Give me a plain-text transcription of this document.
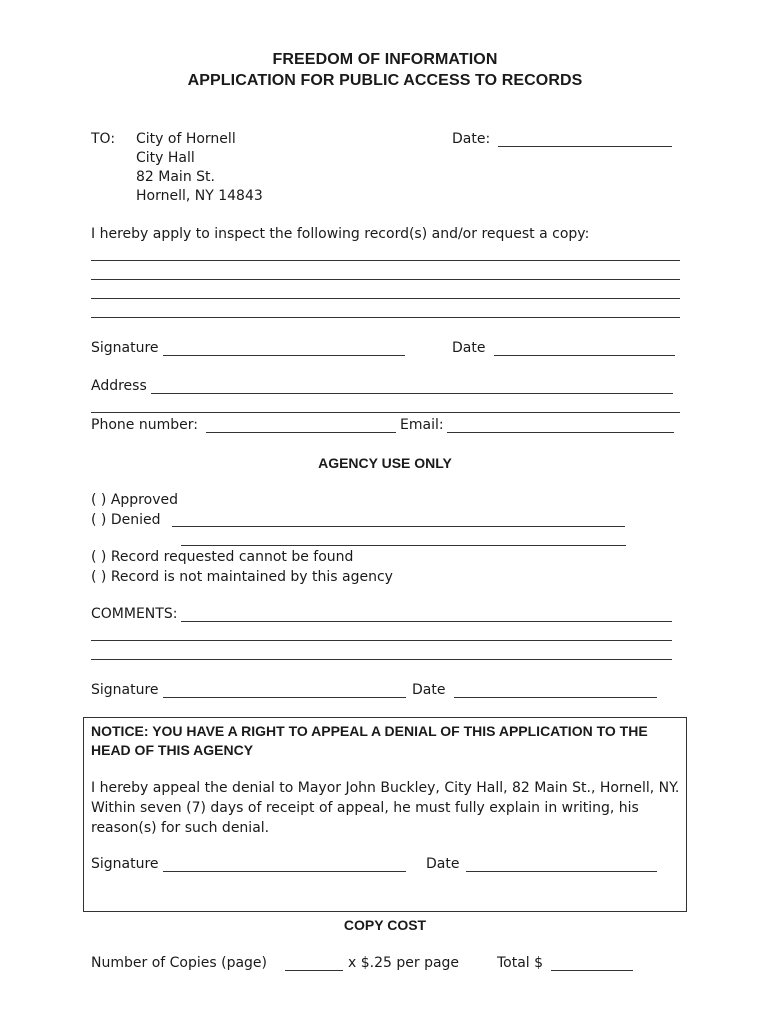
FREEDOM OF INFORMATION
APPLICATION FOR PUBLIC ACCESS TO RECORDS
TO: City of Hornell
City Hall
82 Main St.
Hornell, NY 14843
Date:
I hereby apply to inspect the following record(s) and/or request a copy:
Signature	Date
Address
Phone number:	Email:
AGENCY USE ONLY
( ) Approved
( ) Denied
( ) Record requested cannot be found
( ) Record is not maintained by this agency
COMMENTS:
Signature	Date
NOTICE: YOU HAVE A RIGHT TO APPEAL A DENIAL OF THIS APPLICATION TO THE HEAD OF THIS AGENCY
I hereby appeal the denial to Mayor John Buckley, City Hall, 82 Main St., Hornell, NY. Within seven (7) days of receipt of appeal, he must fully explain in writing, his reason(s) for such denial.
Signature	Date
COPY COST
Number of Copies (page)	x $.25 per page	Total $
